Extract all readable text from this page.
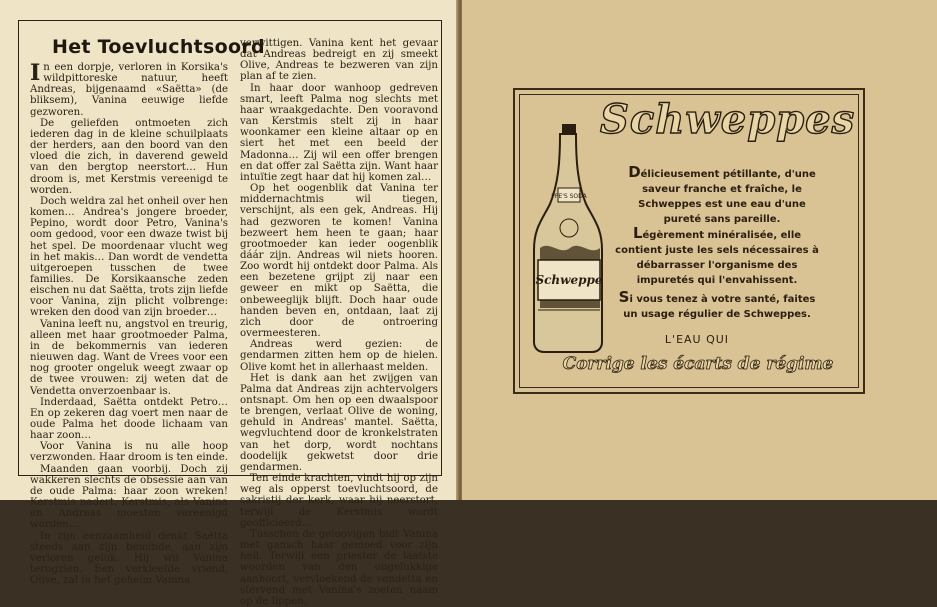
Het Toevluchtsoord

In een dorpje, verloren in Korsika's wildpittoreske natuur, heeft Andreas, bijgenaamd «Saëtta» (de bliksem), Vanina eeuwige liefde gezworen.

De geliefden ontmoeten zich iederen dag in de kleine schuilplaats der herders, aan den boord van den vloed die zich, in daverend geweld van den bergtop neerstort… Hun droom is, met Kerstmis vereenigd te worden.

Doch weldra zal het onheil over hen komen… Andrea's jongere broeder, Pepino, wordt door Petro, Vanina's oom gedood, voor een dwaze twist bij het spel. De moordenaar vlucht weg in het makis… Dan wordt de vendetta uitgeroepen tusschen de twee families. De Korsikaansche zeden eischen nu dat Saëtta, trots zijn liefde voor Vanina, zijn plicht volbrenge: wreken den dood van zijn broeder…

Vanina leeft nu, angstvol en treurig, alleen met haar grootmoeder Palma, in de bekommernis van iederen nieuwen dag. Want de Vrees voor een nog grooter ongeluk weegt zwaar op de twee vrouwen: zij weten dat de Vendetta onverzoenbaar is.

Inderdaad, Saëtta ontdekt Petro… En op zekeren dag voert men naar de oude Palma het doode lichaam van haar zoon…

Voor Vanina is nu alle hoop verzwonden. Haar droom is ten einde.

Maanden gaan voorbij. Doch zij wakkeren slechts de obsessie aan van de oude Palma: haar zoon wreken! Kerstmis nadert. Kerstmis, als Vanina en Andreas moesten vereenigd worden…

In zijn eenzaamheid denkt Saëtta steeds aan zijn beminde, aan zijn verloren geluk. Hij wil Vanina terugzien. Een verkleefde vriend, Olive, zal in het geheim Vanina

verwittigen. Vanina kent het gevaar dat Andreas bedreigt en zij smeekt Olive, Andreas te bezweren van zijn plan af te zien.

In haar door wanhoop gedreven smart, leeft Palma nog slechts met haar wraakgedachte. Den vooravond van Kerstmis stelt zij in haar woonkamer een kleine altaar op en siert het met een beeld der Madonna… Zij wil een offer brengen en dat offer zal Saëtta zijn. Want haar intuïtie zegt haar dat hij komen zal…

Op het oogenblik dat Vanina ter middernachtmis wil tiegen, verschijnt, als een gek, Andreas. Hij had gezworen te komen! Vanina bezweert hem heen te gaan; haar grootmoeder kan ieder oogenblik dáár zijn. Andreas wil niets hooren. Zoo wordt hij ontdekt door Palma. Als een bezetene grijpt zij naar een geweer en mikt op Saëtta, die onbeweeglijk blijft. Doch haar oude handen beven en, ontdaan, laat zij zich door de ontroering overmeesteren.

Andreas werd gezien: de gendarmen zitten hem op de hielen. Olive komt het in allerhaast melden.

Het is dank aan het zwijgen van Palma dat Andreas zijn achtervolgers ontsnapt. Om hen op een dwaalspoor te brengen, verlaat Olive de woning, gehuld in Andreas' mantel. Saëtta, wegvluchtend door de kronkelstraten van het dorp, wordt nochtans doodelijk gekwetst door drie gendarmen.

Ten einde krachten, vindt hij op zijn weg als opperst toevluchtsoord, de sakristij der kerk, waar hij neerstort, terwijl de Kerstmis wordt geofficieerd…

Tusschen de geloovigen bidt Vanina met gansch haar gemoed voor zijn heil. Terwijl een priester de laatste woorden van den ongelukkige aanhoort, vervloekend de vendetta en stervend met Vanina's zoeten naam op de lippen.

Schweppes
PPE'S SODA
Schweppe
Délicieusement pétillante, d'une saveur franche et fraîche, le Schweppes est une eau d'une pureté sans pareille.
Légèrement minéralisée, elle contient juste les sels nécessaires à débarrasser l'organisme des impuretés qui l'envahissent.
Si vous tenez à votre santé, faites un usage régulier de Schweppes.
L'EAU QUI
Corrige les écarts de régime
